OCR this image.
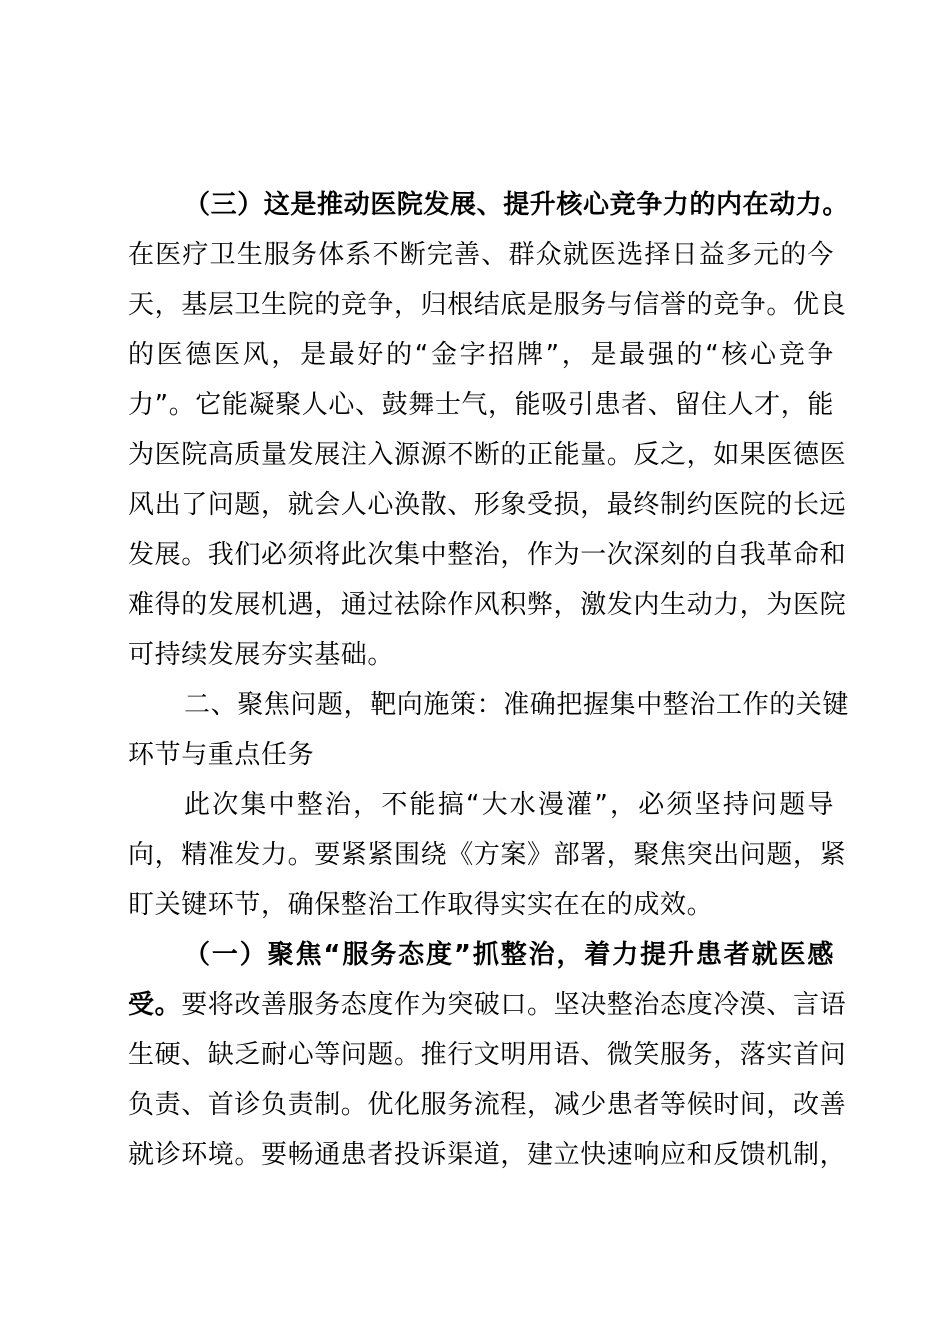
（三）这是推动医院发展、提升核心竞争力的内在动力。
在医疗卫生服务体系不断完善、群众就医选择日益多元的今
天，基层卫生院的竞争，归根结底是服务与信誉的竞争。优良
的医德医风，是最好的“金字招牌”，是最强的“核心竞争
力”。它能凝聚人心、鼓舞士气，能吸引患者、留住人才，能
为医院高质量发展注入源源不断的正能量。反之，如果医德医
风出了问题，就会人心涣散、形象受损，最终制约医院的长远
发展。我们必须将此次集中整治，作为一次深刻的自我革命和
难得的发展机遇，通过祛除作风积弊，激发内生动力，为医院
可持续发展夯实基础。
二、聚焦问题，靶向施策：准确把握集中整治工作的关键
环节与重点任务
此次集中整治，不能搞“大水漫灌”，必须坚持问题导
向，精准发力。要紧紧围绕《方案》部署，聚焦突出问题，紧
盯关键环节，确保整治工作取得实实在在的成效。
（一）聚焦“服务态度”抓整治，着力提升患者就医感
受。要将改善服务态度作为突破口。坚决整治态度冷漠、言语
生硬、缺乏耐心等问题。推行文明用语、微笑服务，落实首问
负责、首诊负责制。优化服务流程，减少患者等候时间，改善
就诊环境。要畅通患者投诉渠道，建立快速响应和反馈机制，
